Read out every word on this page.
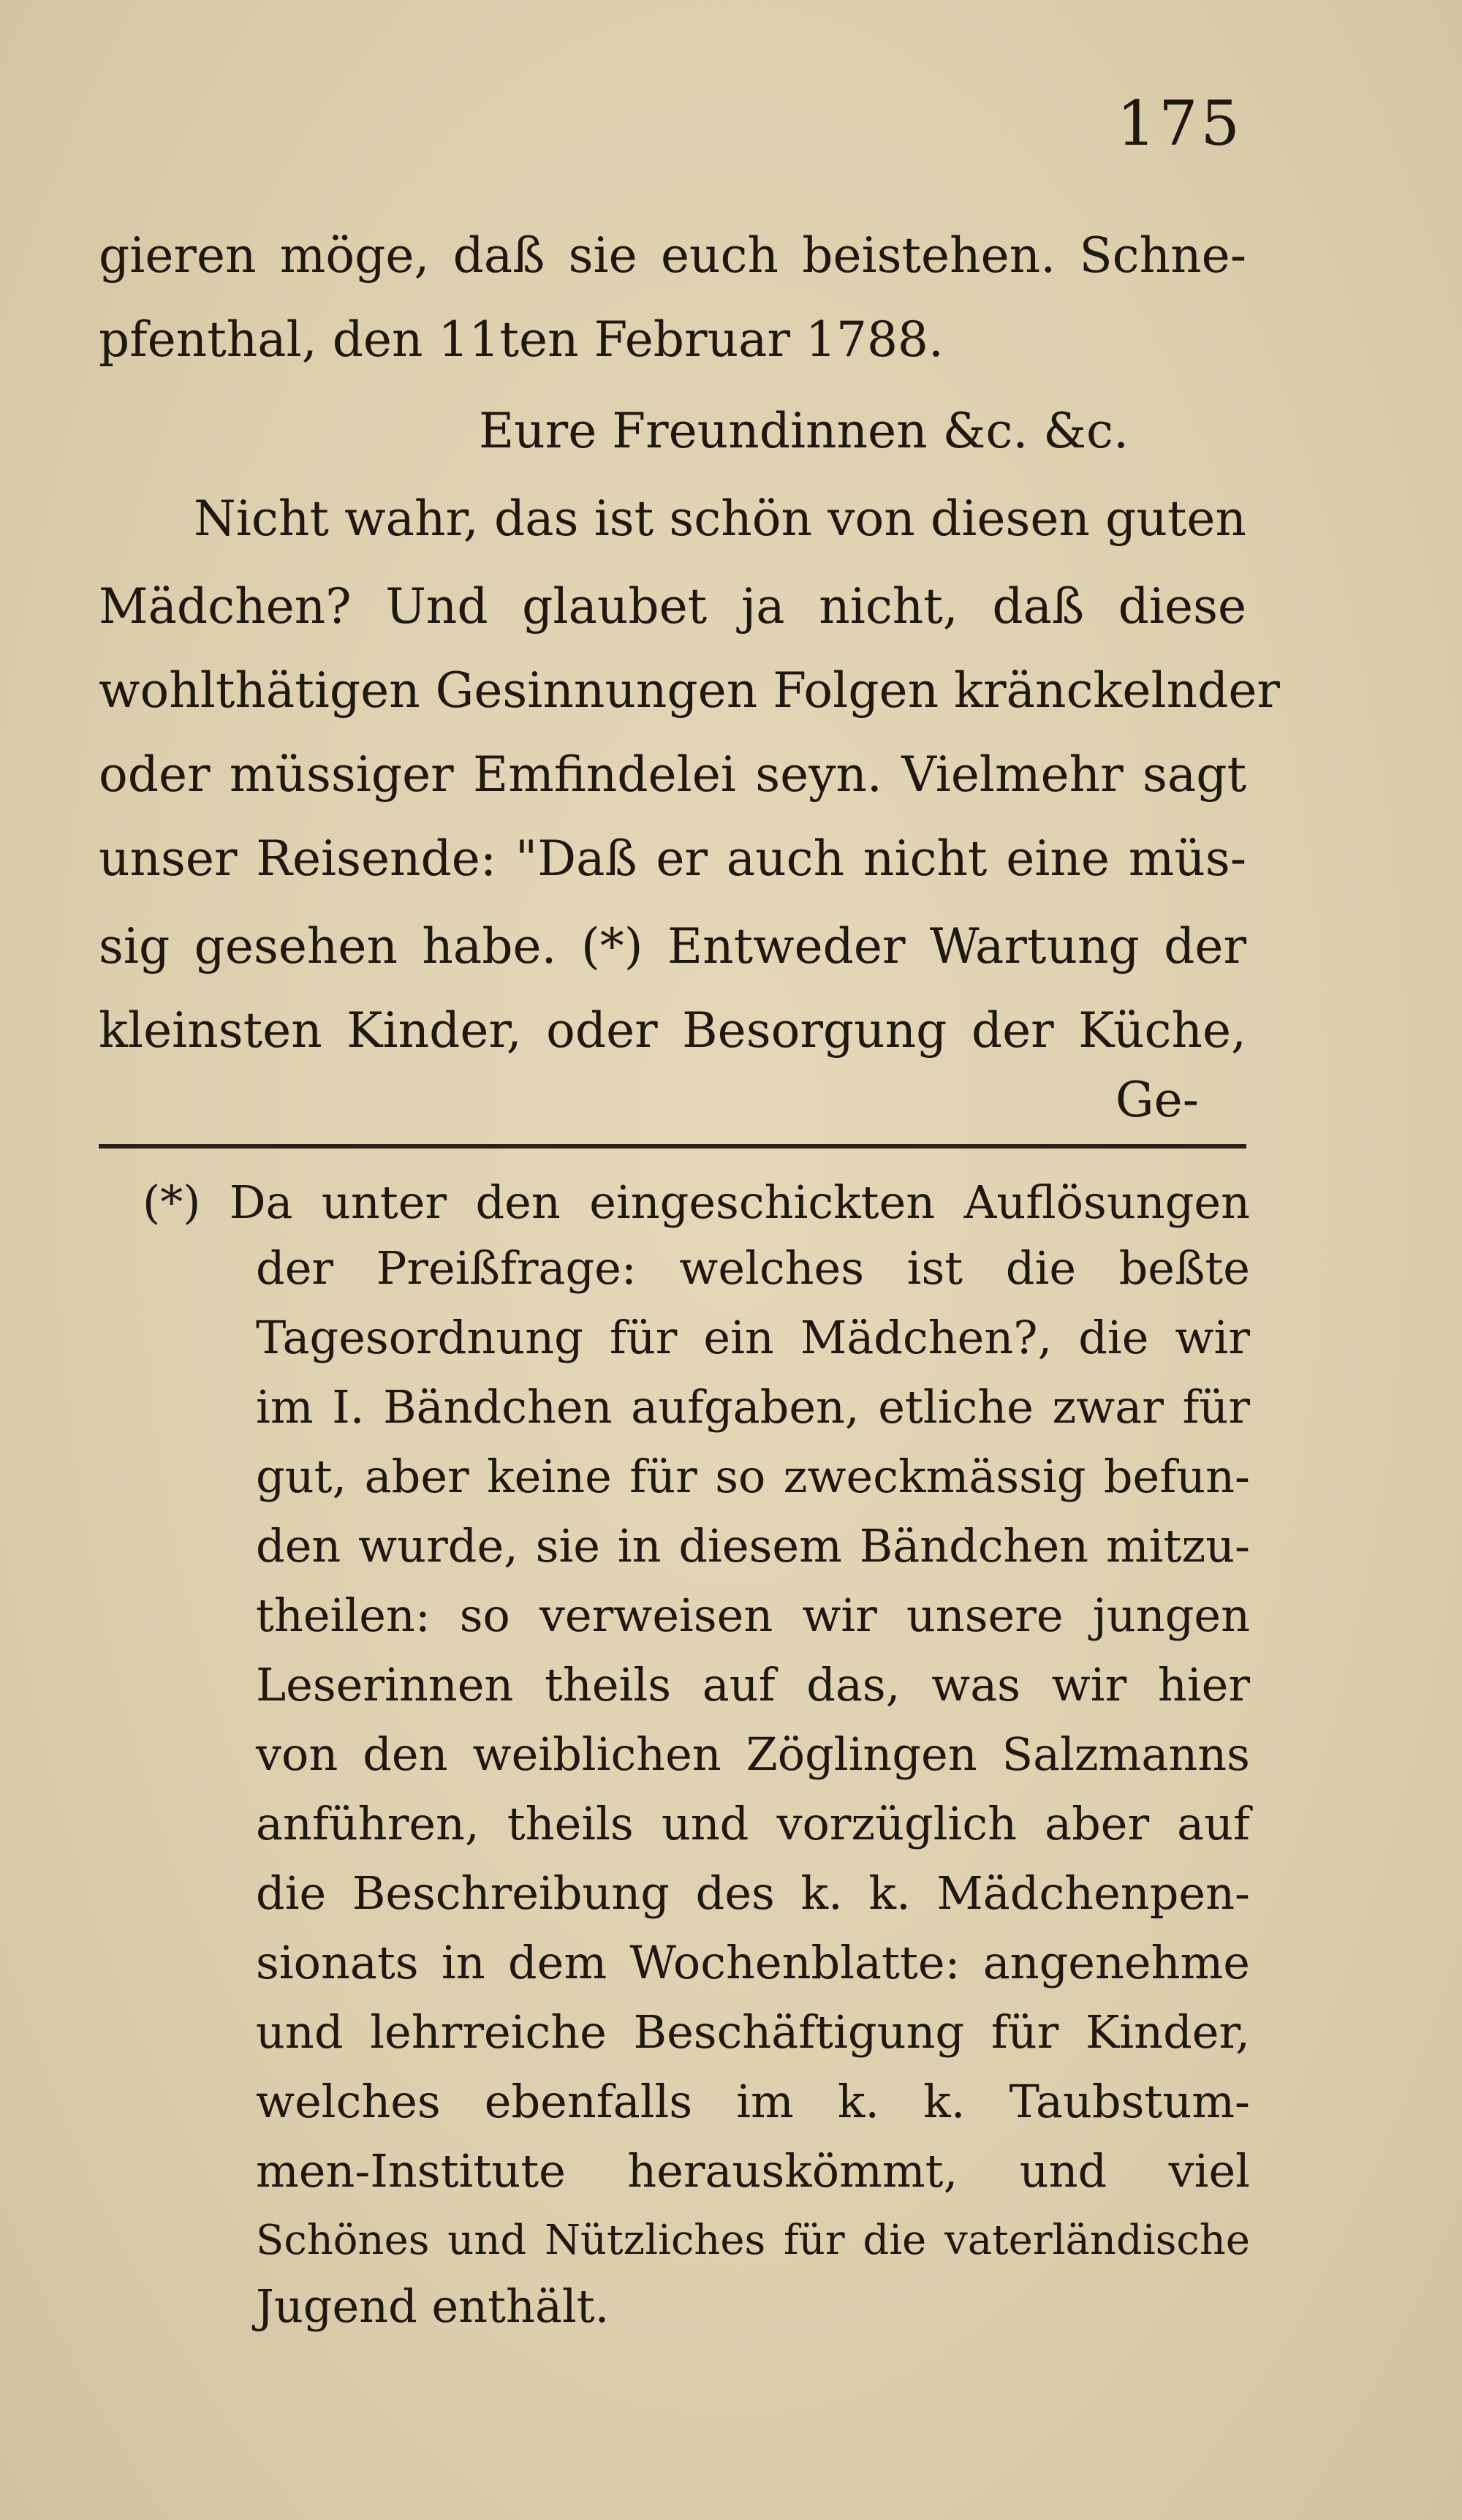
175
gieren möge, daß sie euch beistehen. Schne-
pfenthal, den 11ten Februar 1788.
Eure Freundinnen &c. &c.
Nicht wahr, das ist schön von diesen guten
Mädchen? Und glaubet ja nicht, daß diese
wohlthätigen Gesinnungen Folgen kränckelnder
oder müssiger Emfindelei seyn. Vielmehr sagt
unser Reisende: "Daß er auch nicht eine müs-
sig gesehen habe. (*) Entweder Wartung der
kleinsten Kinder, oder Besorgung der Küche,
Ge-
(*) Da unter den eingeschickten Auflösungen
der Preißfrage: welches ist die beßte
Tagesordnung für ein Mädchen?, die wir
im I. Bändchen aufgaben, etliche zwar für
gut, aber keine für so zweckmässig befun-
den wurde, sie in diesem Bändchen mitzu-
theilen: so verweisen wir unsere jungen
Leserinnen theils auf das, was wir hier
von den weiblichen Zöglingen Salzmanns
anführen, theils und vorzüglich aber auf
die Beschreibung des k. k. Mädchenpen-
sionats in dem Wochenblatte: angenehme
und lehrreiche Beschäftigung für Kinder,
welches ebenfalls im k. k. Taubstum-
men-Institute herauskömmt, und viel
Schönes und Nützliches für die vaterländische
Jugend enthält.
